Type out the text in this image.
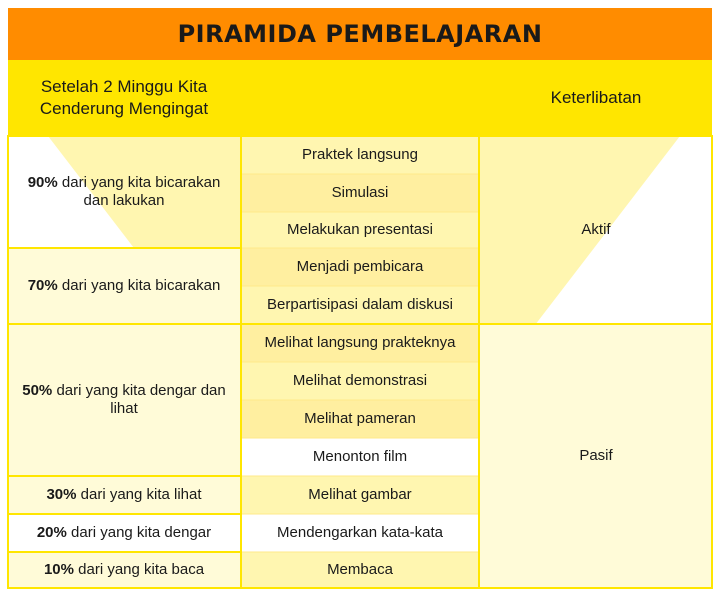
PIRAMIDA PEMBELAJARAN
Setelah 2 Minggu Kita Cenderung Mengingat
Keterlibatan
90% dari yang kita bicarakan dan lakukan
70% dari yang kita bicarakan
50% dari yang kita dengar dan lihat
30% dari yang kita lihat
20% dari yang kita dengar
10% dari yang kita baca
Praktek langsung
Simulasi
Melakukan presentasi
Menjadi pembicara
Berpartisipasi dalam diskusi
Melihat langsung prakteknya
Melihat demonstrasi
Melihat pameran
Menonton film
Melihat gambar
Mendengarkan kata-kata
Membaca
Aktif
Pasif
